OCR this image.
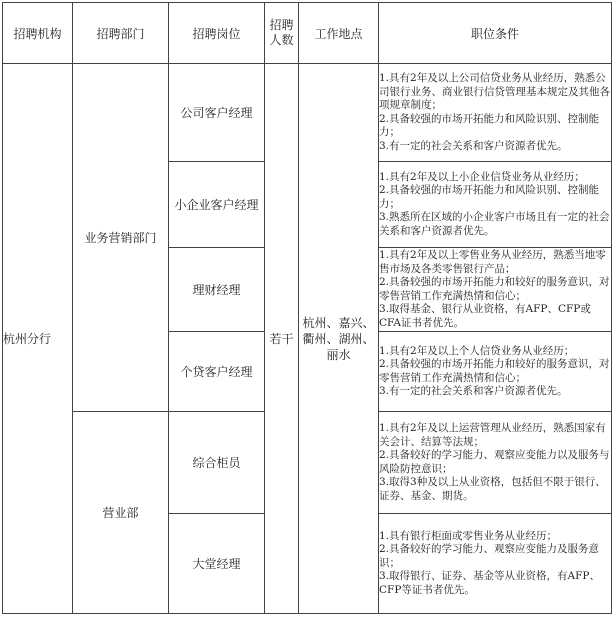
招聘机构	招聘部门	招聘岗位	招聘人数	工作地点	职位条件
杭州分行	业务营销部门	公司客户经理	若干	杭州、嘉兴、衢州、湖州、丽水	1.具有2年及以上公司信贷业务从业经历，熟悉公司银行业务、商业银行信贷管理基本规定及其他各项规章制度；
2.具备较强的市场开拓能力和风险识别、控制能力；
3.有一定的社会关系和客户资源者优先。

		小企业客户经理			1.具有2年及以上小企业信贷业务从业经历；
2.具备较强的市场开拓能力和风险识别、控制能力；
3.熟悉所在区域的小企业客户市场且有一定的社会关系和客户资源者优先。

		理财经理			1.具有2年及以上零售业务从业经历，熟悉当地零售市场及各类零售银行产品；
2.具备较强的市场开拓能力和较好的服务意识，对零售营销工作充满热情和信心；
3.取得基金、银行从业资格，有AFP、CFP或CFA证书者优先。

		个贷客户经理			1.具有2年及以上个人信贷业务从业经历；
2.具备较强的市场开拓能力和较好的服务意识，对零售营销工作充满热情和信心；
3.有一定的社会关系和客户资源者优先。

	营业部	综合柜员			1.具有2年及以上运营管理从业经历，熟悉国家有关会计、结算等法规；
2.具备较好的学习能力、观察应变能力以及服务与风险防控意识；
3.取得3种及以上从业资格，包括但不限于银行、证券、基金、期货。

		大堂经理			1.具有银行柜面或零售业务从业经历；
2.具备较好的学习能力、观察应变能力及服务意识；
3.取得银行、证券、基金等从业资格，有AFP、CFP等证书者优先。
